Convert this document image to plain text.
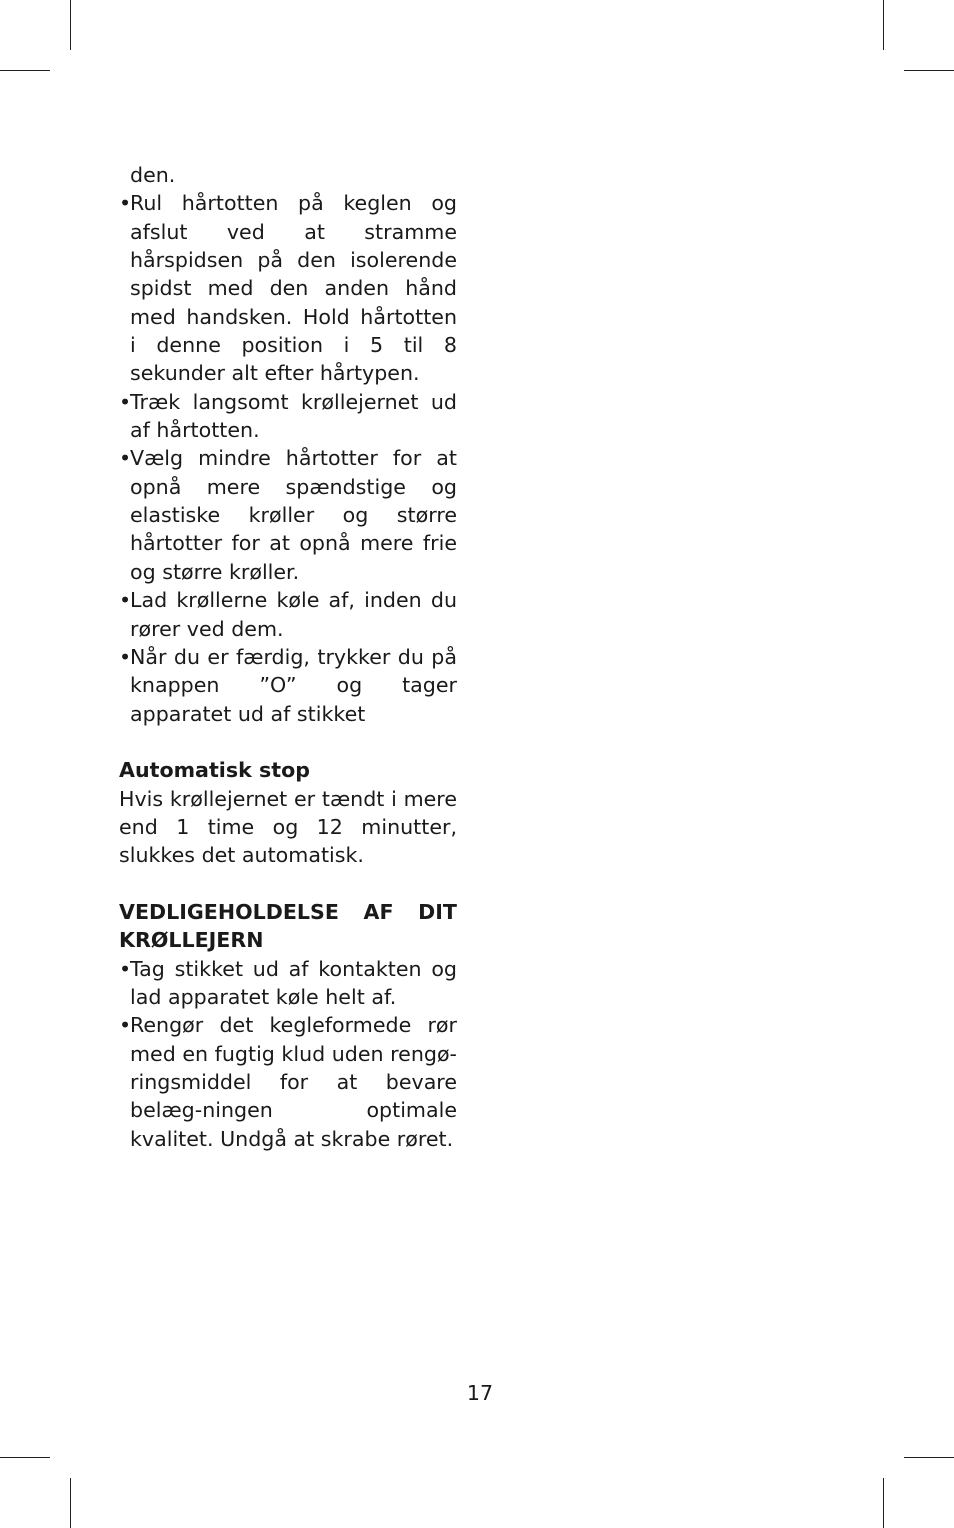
den.

•
Rul hårtotten på keglen og afslut ved at stramme hårspidsen på den isolerende spidst med den anden hånd med handsken. Hold hårtotten i denne position i 5 til 8 sekunder alt efter hårtypen.
•
Træk langsomt krøllejernet ud af hårtotten.
•
Vælg mindre hårtotter for at opnå mere spændstige og elastiske krøller og større hårtotter for at opnå mere frie og større krøller.
•
Lad krøllerne køle af, inden du rører ved dem.
•
Når du er færdig, trykker du på knappen ”O” og tager apparatet ud af stikket
Automatisk stop

Hvis krøllejernet er tændt i mere end 1 time og 12 minutter, slukkes det automatisk.

VEDLIGEHOLDELSE AF DIT
KRØLLEJERN
•
Tag stikket ud af kontakten og lad apparatet køle helt af.
•
Rengør det kegleformede rør med en fugtig klud uden rengø-ringsmiddel for at bevare belæg-ningen optimale kvalitet. Undgå at skrabe røret.
17
